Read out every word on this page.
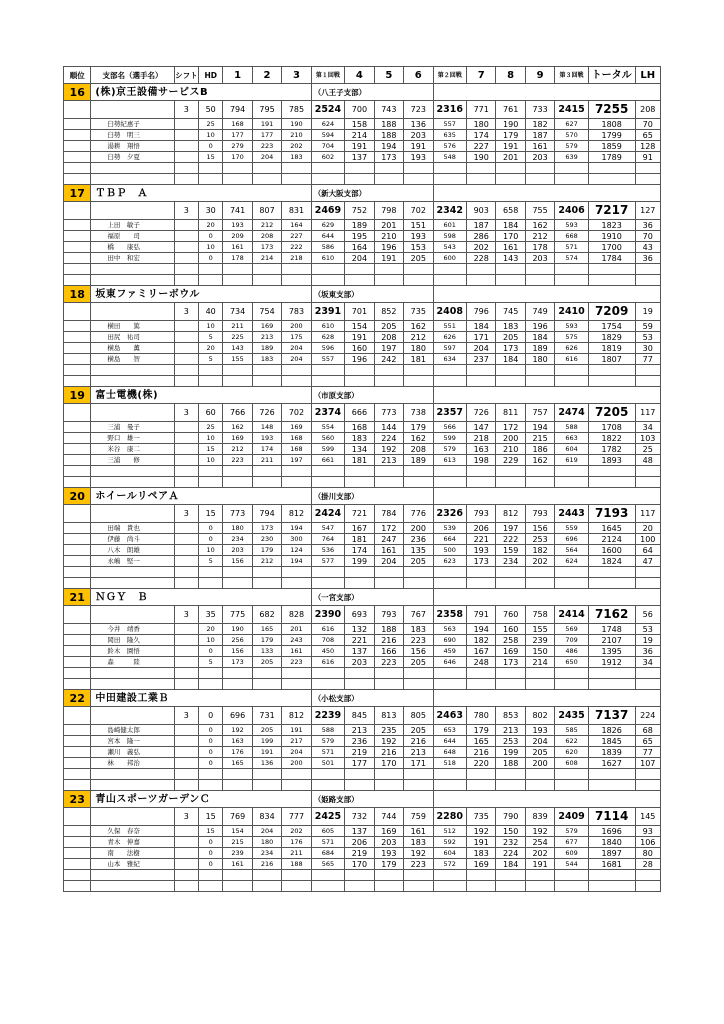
順位	支部名（選手名）	シフト	HD	1	2	3	第１回戦	4	5	6	第２回戦	7	8	9	第３回戦	トータル	LH
16	(株)京王設備サービスB						（八王子支部）										
		3	50	794	795	785	2524	700	743	723	2316	771	761	733	2415	7255	208
	臼勢紀惠子		25	168	191	190	624	158	188	136	557	180	190	182	627	1808	70
	臼勢　明三		10	177	177	210	594	214	188	203	635	174	179	187	570	1799	65
	湯耕　翔悟		0	279	223	202	704	191	194	191	576	227	191	161	579	1859	128
	臼勢　夕夏		15	170	204	183	602	137	173	193	548	190	201	203	639	1789	91

17	ＴＢＰ　Ａ						（新大阪支部）										
		3	30	741	807	831	2469	752	798	702	2342	903	658	755	2406	7217	127
	上田　敏子		20	193	212	164	629	189	201	151	601	187	184	162	593	1823	36
	福原　　司		0	209	208	227	644	195	210	193	598	286	170	212	668	1910	70
	橋　　康弘		10	161	173	222	586	164	196	153	543	202	161	178	571	1700	43
	田中　和宏		0	178	214	218	610	204	191	205	600	228	143	203	574	1784	36

18	坂東ファミリーボウル						（坂東支部）										
		3	40	734	754	783	2391	701	852	735	2408	796	745	749	2410	7209	19
	横田　　篤		10	211	169	200	610	154	205	162	551	184	183	196	593	1754	59
	田尻　祐司		5	225	213	175	628	191	208	212	626	171	205	184	575	1829	53
	横島　　薫		20	143	189	204	596	160	197	180	597	204	173	189	626	1819	30
	横島　　智		5	155	183	204	557	196	242	181	634	237	184	180	616	1807	77

19	富士電機(株)						（市原支部）										
		3	60	766	726	702	2374	666	773	738	2357	726	811	757	2474	7205	117
	三浦　曼子		25	162	148	169	554	168	144	179	566	147	172	194	588	1708	34
	野口　雄一		10	169	193	168	560	183	224	162	599	218	200	215	663	1822	103
	米谷　康二		15	212	174	168	599	134	192	208	579	163	210	186	604	1782	25
	三浦　　修		10	223	211	197	661	181	213	189	613	198	229	162	619	1893	48

20	ホイールリペアＡ						（掛川支部）										
		3	15	773	794	812	2424	721	784	776	2326	793	812	793	2443	7193	117
	田端　貴也		0	180	173	194	547	167	172	200	539	206	197	156	559	1645	20
	伊藤　尚斗		0	234	230	300	764	181	247	236	664	221	222	253	696	2124	100
	八木　朗雄		10	203	179	124	536	174	161	135	500	193	159	182	564	1600	64
	永嶋　堅一		5	156	212	194	577	199	204	205	623	173	234	202	624	1824	47

21	ＮＧＹ　Ｂ						（一宮支部）										
		3	35	775	682	828	2390	693	793	767	2358	791	760	758	2414	7162	56
	今井　靖香		20	190	165	201	616	132	188	183	563	194	160	155	569	1748	53
	岡田　隆久		10	256	179	243	708	221	216	223	690	182	258	239	709	2107	19
	鈴木　園悟		0	156	133	161	450	137	166	156	459	167	169	150	486	1395	36
	森　　　陸		5	173	205	223	616	203	223	205	646	248	173	214	650	1912	34

22	中田建設工業Ｂ						（小松支部）										
		3	0	696	731	812	2239	845	813	805	2463	780	853	802	2435	7137	224
	島崎健太郎		0	192	205	191	588	213	235	205	653	179	213	193	585	1826	68
	宮本　隆一		0	163	199	217	579	236	192	216	644	165	253	204	622	1845	65
	瀬川　義弘		0	176	191	204	571	219	216	213	648	216	199	205	620	1839	77
	林　　邦治		0	165	136	200	501	177	170	171	518	220	188	200	608	1627	107

23	青山スポーツガーデンＣ						（姫路支部）										
		3	15	769	834	777	2425	732	744	759	2280	735	790	839	2409	7114	145
	久保　春奈		15	154	204	202	605	137	169	161	512	192	150	192	579	1696	93
	青木　伸嘉		0	215	180	176	571	206	203	183	592	191	232	254	677	1840	106
	南　　法樹		0	239	234	211	684	219	193	192	604	183	224	202	609	1897	80
	山本　雅紀		0	161	216	188	565	170	179	223	572	169	184	191	544	1681	28
